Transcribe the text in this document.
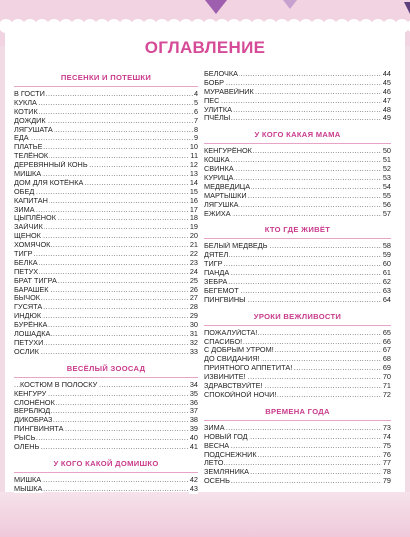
ОГЛАВЛЕНИЕ
ПЕСЕНКИ И ПОТЕШКИ
..... В ГОСТИ	4
..... КУКЛА	5
..... КОТИК	6
..... ДОЖДИК	7
..... ЛЯГУШАТА	8
..... ЕДА	9
..... ПЛАТЬЕ	10
..... ТЕЛЁНОК	11
..... ДЕРЕВЯННЫЙ КОНЬ	12
..... МИШКА	13
..... ДОМ ДЛЯ КОТЁНКА	14
..... ОБЕД	15
..... КАПИТАН	16
..... ЗИМА	17
..... ЦЫПЛЁНОК	18
..... ЗАЙЧИК	19
..... ЩЕНОК	20
..... ХОМЯЧОК	21
..... ТИГР	22
..... БЕЛКА	23
..... ПЕТУХ	24
..... БРАТ ТИГРА	25
..... БАРАШЕК	26
..... БЫЧОК	27
..... ГУСЯТА	28
..... ИНДЮК	29
..... БУРЁНКА	30
..... ЛОШАДКА	31
..... ПЕТУХИ	32
..... ОСЛИК	33
ВЕСЁЛЫЙ ЗООСАД
..... КОСТЮМ В ПОЛОСКУ	34
..... КЕНГУРУ	35
..... СЛОНЁНОК	36
..... ВЕРБЛЮД	37
..... ДИКОБРАЗ	38
..... ПИНГВИНЯТА	39
..... РЫСЬ	40
..... ОЛЕНЬ	41
У КОГО КАКОЙ ДОМИШКО
..... МИШКА	42
..... МЫШКА	43
..... БЕЛОЧКА	44
..... БОБР	45
..... МУРАВЕЙНИК	46
..... ПЕС	47
..... УЛИТКА	48
..... ПЧЁЛЫ	49
У КОГО КАКАЯ МАМА
..... КЕНГУРЁНОК	50
..... КОШКА	51
..... СВИНКА	52
..... КУРИЦА	53
..... МЕДВЕДИЦА	54
..... МАРТЫШКИ	55
..... ЛЯГУШКА	56
..... ЕЖИХА	57
КТО ГДЕ ЖИВЁТ
..... БЕЛЫЙ МЕДВЕДЬ	58
..... ДЯТЕЛ	59
..... ТИГР	60
..... ПАНДА	61
..... ЗЕБРА	62
..... БЕГЕМОТ	63
..... ПИНГВИНЫ	64
УРОКИ ВЕЖЛИВОСТИ
..... ПОЖАЛУЙСТА!	65
..... СПАСИБО!	66
..... С ДОБРЫМ УТРОМ!	67
..... ДО СВИДАНИЯ!	68
..... ПРИЯТНОГО АППЕТИТА!	69
..... ИЗВИНИТЕ!	70
..... ЗДРАВСТВУЙТЕ!	71
..... СПОКОЙНОЙ НОЧИ!	72
ВРЕМЕНА ГОДА
..... ЗИМА	73
..... НОВЫЙ ГОД	74
..... ВЕСНА	75
..... ПОДСНЕЖНИК	76
..... ЛЕТО	77
..... ЗЕМЛЯНИКА	78
..... ОСЕНЬ	79
